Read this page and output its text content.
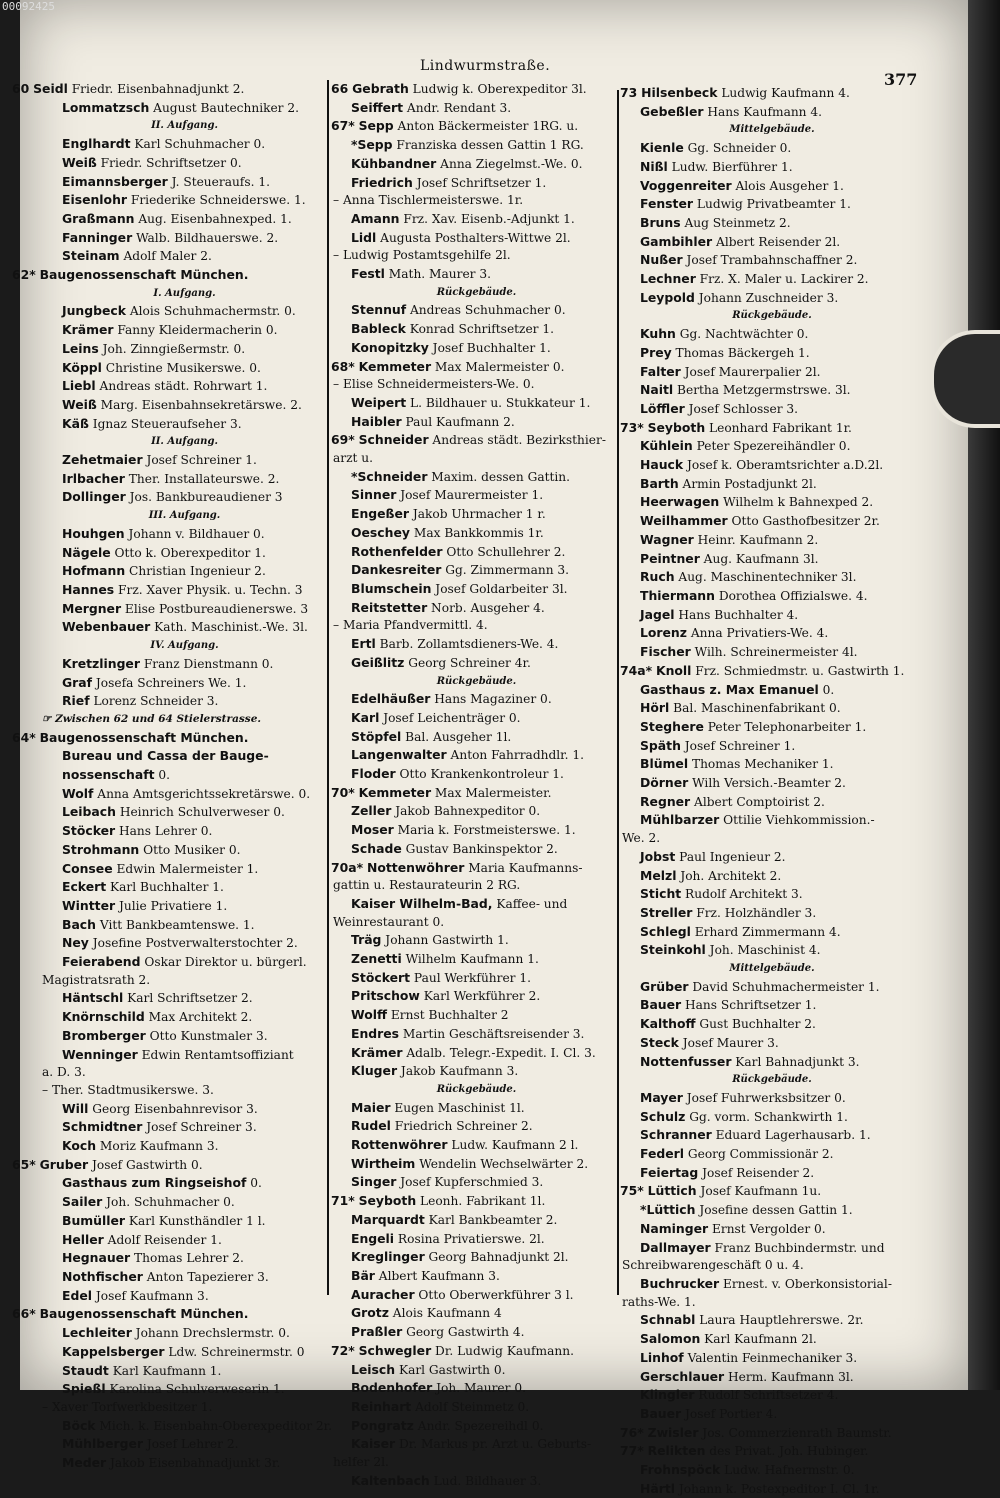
00092425
Lindwurmstraße.
377
60 Seidl Friedr. Eisenbahnadjunkt 2.
Lommatzsch August Bautechniker 2.
II. Aufgang.
Englhardt Karl Schuhmacher 0.
Weiß Friedr. Schriftsetzer 0.
Eimannsberger J. Steueraufs. 1.
Eisenlohr Friederike Schneiderswe. 1.
Graßmann Aug. Eisenbahnexped. 1.
Fanninger Walb. Bildhauerswe. 2.
Steinam Adolf Maler 2.
62* Baugenossenschaft München.
I. Aufgang.
Jungbeck Alois Schuhmachermstr. 0.
Krämer Fanny Kleidermacherin 0.
Leins Joh. Zinngießermstr. 0.
Köppl Christine Musikerswe. 0.
Liebl Andreas städt. Rohrwart 1.
Weiß Marg. Eisenbahnsekretärswe. 2.
Käß Ignaz Steueraufseher 3.
II. Aufgang.
Zehetmaier Josef Schreiner 1.
Irlbacher Ther. Installateurswe. 2.
Dollinger Jos. Bankbureaudiener 3
III. Aufgang.
Houhgen Johann v. Bildhauer 0.
Nägele Otto k. Oberexpeditor 1.
Hofmann Christian Ingenieur 2.
Hannes Frz. Xaver Physik. u. Techn. 3
Mergner Elise Postbureaudienerswe. 3
Webenbauer Kath. Maschinist.-We. 3l.
IV. Aufgang.
Kretzlinger Franz Dienstmann 0.
Graf Josefa Schreiners We. 1.
Rief Lorenz Schneider 3.
☞ Zwischen 62 und 64 Stielerstrasse.
64* Baugenossenschaft München.
Bureau und Cassa der Bauge-
nossenschaft 0.
Wolf Anna Amtsgerichtssekretärswe. 0.
Leibach Heinrich Schulverweser 0.
Stöcker Hans Lehrer 0.
Strohmann Otto Musiker 0.
Consee Edwin Malermeister 1.
Eckert Karl Buchhalter 1.
Wintter Julie Privatiere 1.
Bach Vitt Bankbeamtenswe. 1.
Ney Josefine Postverwalterstochter 2.
Feierabend Oskar Direktor u. bürgerl.
Magistratsrath 2.
Häntschl Karl Schriftsetzer 2.
Knörnschild Max Architekt 2.
Bromberger Otto Kunstmaler 3.
Wenninger Edwin Rentamtsoffiziant
a. D. 3.
– Ther. Stadtmusikerswe. 3.
Will Georg Eisenbahnrevisor 3.
Schmidtner Josef Schreiner 3.
Koch Moriz Kaufmann 3.
65* Gruber Josef Gastwirth 0.
Gasthaus zum Ringseishof 0.
Sailer Joh. Schuhmacher 0.
Bumüller Karl Kunsthändler 1 l.
Heller Adolf Reisender 1.
Hegnauer Thomas Lehrer 2.
Nothfischer Anton Tapezierer 3.
Edel Josef Kaufmann 3.
66* Baugenossenschaft München.
Lechleiter Johann Drechslermstr. 0.
Kappelsberger Ldw. Schreinermstr. 0
Staudt Karl Kaufmann 1.
Spießl Karolina Schulverweserin 1.
– Xaver Torfwerkbesitzer 1.
Böck Mich. k. Eisenbahn-Oberexpeditor 2r.
Mühlberger Josef Lehrer 2.
Meder Jakob Eisenbahnadjunkt 3r.
66 Gebrath Ludwig k. Oberexpeditor 3l.
Seiffert Andr. Rendant 3.
67* Sepp Anton Bäckermeister 1RG. u.
*Sepp Franziska dessen Gattin 1 RG.
Kühbandner Anna Ziegelmst.-We. 0.
Friedrich Josef Schriftsetzer 1.
– Anna Tischlermeisterswe. 1r.
Amann Frz. Xav. Eisenb.-Adjunkt 1.
Lidl Augusta Posthalters-Wittwe 2l.
– Ludwig Postamtsgehilfe 2l.
Festl Math. Maurer 3.
Rückgebäude.
Stennuf Andreas Schuhmacher 0.
Bableck Konrad Schriftsetzer 1.
Konopitzky Josef Buchhalter 1.
68* Kemmeter Max Malermeister 0.
– Elise Schneidermeisters-We. 0.
Weipert L. Bildhauer u. Stukkateur 1.
Haibler Paul Kaufmann 2.
69* Schneider Andreas städt. Bezirksthier-
arzt u.
*Schneider Maxim. dessen Gattin.
Sinner Josef Maurermeister 1.
Engeßer Jakob Uhrmacher 1 r.
Oeschey Max Bankkommis 1r.
Rothenfelder Otto Schullehrer 2.
Dankesreiter Gg. Zimmermann 3.
Blumschein Josef Goldarbeiter 3l.
Reitstetter Norb. Ausgeher 4.
– Maria Pfandvermittl. 4.
Ertl Barb. Zollamtsdieners-We. 4.
Geißlitz Georg Schreiner 4r.
Rückgebäude.
Edelhäußer Hans Magaziner 0.
Karl Josef Leichenträger 0.
Stöpfel Bal. Ausgeher 1l.
Langenwalter Anton Fahrradhdlr. 1.
Floder Otto Krankenkontroleur 1.
70* Kemmeter Max Malermeister.
Zeller Jakob Bahnexpeditor 0.
Moser Maria k. Forstmeisterswe. 1.
Schade Gustav Bankinspektor 2.
70a* Nottenwöhrer Maria Kaufmanns-
gattin u. Restaurateurin 2 RG.
Kaiser Wilhelm-Bad, Kaffee- und
Weinrestaurant 0.
Träg Johann Gastwirth 1.
Zenetti Wilhelm Kaufmann 1.
Stöckert Paul Werkführer 1.
Pritschow Karl Werkführer 2.
Wolff Ernst Buchhalter 2
Endres Martin Geschäftsreisender 3.
Krämer Adalb. Telegr.-Expedit. I. Cl. 3.
Kluger Jakob Kaufmann 3.
Rückgebäude.
Maier Eugen Maschinist 1l.
Rudel Friedrich Schreiner 2.
Rottenwöhrer Ludw. Kaufmann 2 l.
Wirtheim Wendelin Wechselwärter 2.
Singer Josef Kupferschmied 3.
71* Seyboth Leonh. Fabrikant 1l.
Marquardt Karl Bankbeamter 2.
Engeli Rosina Privatierswe. 2l.
Kreglinger Georg Bahnadjunkt 2l.
Bär Albert Kaufmann 3.
Auracher Otto Oberwerkführer 3 l.
Grotz Alois Kaufmann 4
Praßler Georg Gastwirth 4.
72* Schwegler Dr. Ludwig Kaufmann.
Leisch Karl Gastwirth 0.
Bodenhofer Joh. Maurer 0.
Reinhart Adolf Steinmetz 0.
Pongratz Andr. Spezereihdl 0.
Kaiser Dr. Markus pr. Arzt u. Geburts-
helfer 2l.
Kaltenbach Lud. Bildhauer 3.
73 Hilsenbeck Ludwig Kaufmann 4.
Gebeßler Hans Kaufmann 4.
Mittelgebäude.
Kienle Gg. Schneider 0.
Nißl Ludw. Bierführer 1.
Voggenreiter Alois Ausgeher 1.
Fenster Ludwig Privatbeamter 1.
Bruns Aug Steinmetz 2.
Gambihler Albert Reisender 2l.
Nußer Josef Trambahnschaffner 2.
Lechner Frz. X. Maler u. Lackirer 2.
Leypold Johann Zuschneider 3.
Rückgebäude.
Kuhn Gg. Nachtwächter 0.
Prey Thomas Bäckergeh 1.
Falter Josef Maurerpalier 2l.
Naitl Bertha Metzgermstrswe. 3l.
Löffler Josef Schlosser 3.
73* Seyboth Leonhard Fabrikant 1r.
Kühlein Peter Spezereihändler 0.
Hauck Josef k. Oberamtsrichter a.D.2l.
Barth Armin Postadjunkt 2l.
Heerwagen Wilhelm k Bahnexped 2.
Weilhammer Otto Gasthofbesitzer 2r.
Wagner Heinr. Kaufmann 2.
Peintner Aug. Kaufmann 3l.
Ruch Aug. Maschinentechniker 3l.
Thiermann Dorothea Offizialswe. 4.
Jagel Hans Buchhalter 4.
Lorenz Anna Privatiers-We. 4.
Fischer Wilh. Schreinermeister 4l.
74a* Knoll Frz. Schmiedmstr. u. Gastwirth 1.
Gasthaus z. Max Emanuel 0.
Hörl Bal. Maschinenfabrikant 0.
Steghere Peter Telephonarbeiter 1.
Späth Josef Schreiner 1.
Blümel Thomas Mechaniker 1.
Dörner Wilh Versich.-Beamter 2.
Regner Albert Comptoirist 2.
Mühlbarzer Ottilie Viehkommission.-
We. 2.
Jobst Paul Ingenieur 2.
Melzl Joh. Architekt 2.
Sticht Rudolf Architekt 3.
Streller Frz. Holzhändler 3.
Schlegl Erhard Zimmermann 4.
Steinkohl Joh. Maschinist 4.
Mittelgebäude.
Grüber David Schuhmachermeister 1.
Bauer Hans Schriftsetzer 1.
Kalthoff Gust Buchhalter 2.
Steck Josef Maurer 3.
Nottenfusser Karl Bahnadjunkt 3.
Rückgebäude.
Mayer Josef Fuhrwerksbsitzer 0.
Schulz Gg. vorm. Schankwirth 1.
Schranner Eduard Lagerhausarb. 1.
Federl Georg Commissionär 2.
Feiertag Josef Reisender 2.
75* Lüttich Josef Kaufmann 1u.
*Lüttich Josefine dessen Gattin 1.
Naminger Ernst Vergolder 0.
Dallmayer Franz Buchbindermstr. und
Schreibwarengeschäft 0 u. 4.
Buchrucker Ernest. v. Oberkonsistorial-
raths-We. 1.
Schnabl Laura Hauptlehrerswe. 2r.
Salomon Karl Kaufmann 2l.
Linhof Valentin Feinmechaniker 3.
Gerschlauer Herm. Kaufmann 3l.
Klingler Rudolf Schriftsetzer 4.
Bauer Josef Portier 4.
76* Zwisler Jos. Commerzienrath Baumstr.
77* Relikten des Privat. Joh. Hubinger.
Frohnspöck Ludw. Hafnermstr. 0.
Härtl Johann k. Postexpeditor I. Cl. 1r.
